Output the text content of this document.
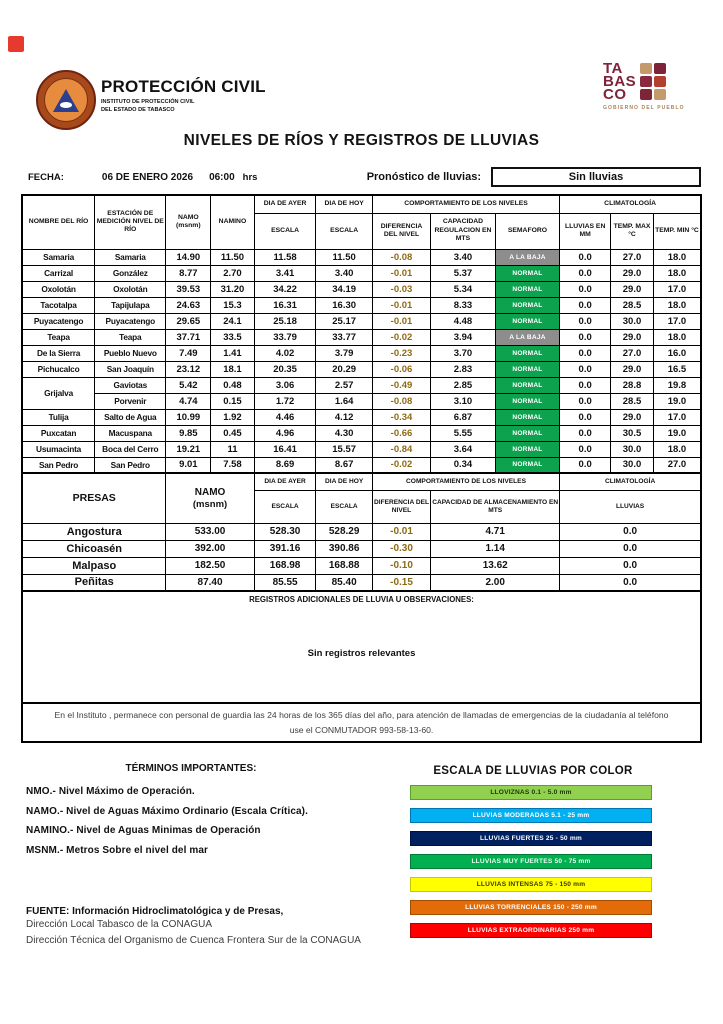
PROTECCIÓN CIVIL
INSTITUTO DE PROTECCIÓN CIVIL
DEL ESTADO DE TABASCO
TA
BAS
CO
GOBIERNO DEL PUEBLO
NIVELES DE RÍOS Y REGISTROS DE LLUVIAS
FECHA:	06 DE ENERO 2026 06:00 hrs	Pronóstico de lluvias:	Sin lluvias
NOMBRE DEL RÍO	ESTACIÓN DE MEDICIÓN NIVEL DE RÍO	NAMO
(msnm)	NAMINO	DIA DE AYER	DIA DE HOY	COMPORTAMIENTO DE LOS NIVELES			CLIMATOLOGÍA		
				ESCALA	ESCALA	DIFERENCIA DEL NIVEL	CAPACIDAD REGULACION EN MTS	SEMAFORO	LLUVIAS EN MM	TEMP. MAX °C	TEMP. MIN °C
Samaria	Samaria	14.90	11.50	11.58	11.50	-0.08	3.40	A LA BAJA	0.0	27.0	18.0
Carrizal	González	8.77	2.70	3.41	3.40	-0.01	5.37	NORMAL	0.0	29.0	18.0
Oxolotán	Oxolotán	39.53	31.20	34.22	34.19	-0.03	5.34	NORMAL	0.0	29.0	17.0
Tacotalpa	Tapijulapa	24.63	15.3	16.31	16.30	-0.01	8.33	NORMAL	0.0	28.5	18.0
Puyacatengo	Puyacatengo	29.65	24.1	25.18	25.17	-0.01	4.48	NORMAL	0.0	30.0	17.0
Teapa	Teapa	37.71	33.5	33.79	33.77	-0.02	3.94	A LA BAJA	0.0	29.0	18.0
De la Sierra	Pueblo Nuevo	7.49	1.41	4.02	3.79	-0.23	3.70	NORMAL	0.0	27.0	16.0
Pichucalco	San Joaquín	23.12	18.1	20.35	20.29	-0.06	2.83	NORMAL	0.0	29.0	16.5
Grijalva	Gaviotas	5.42	0.48	3.06	2.57	-0.49	2.85	NORMAL	0.0	28.8	19.8
	Porvenir	4.74	0.15	1.72	1.64	-0.08	3.10	NORMAL	0.0	28.5	19.0
Tulija	Salto de Agua	10.99	1.92	4.46	4.12	-0.34	6.87	NORMAL	0.0	29.0	17.0
Puxcatan	Macuspana	9.85	0.45	4.96	4.30	-0.66	5.55	NORMAL	0.0	30.5	19.0
Usumacinta	Boca del Cerro	19.21	11	16.41	15.57	-0.84	3.64	NORMAL	0.0	30.0	18.0
San Pedro	San Pedro	9.01	7.58	8.69	8.67	-0.02	0.34	NORMAL	0.0	30.0	27.0
PRESAS	NAMO
(msnm)	DIA DE AYER	DIA DE HOY	COMPORTAMIENTO DE LOS NIVELES		CLIMATOLOGÍA
		ESCALA	ESCALA	DIFERENCIA DEL NIVEL	CAPACIDAD DE ALMACENAMIENTO EN MTS	LLUVIAS
Angostura	533.00	528.30	528.29	-0.01	4.71	0.0
Chicoasén	392.00	391.16	390.86	-0.30	1.14	0.0
Malpaso	182.50	168.98	168.88	-0.10	13.62	0.0
Peñitas	87.40	85.55	85.40	-0.15	2.00	0.0
REGISTROS ADICIONALES DE LLUVIA U OBSERVACIONES:
Sin registros relevantes

En el Instituto , permanece con personal de guardia las 24 horas de los 365 días del año, para atención de llamadas de emergencias de la ciudadanía al teléfono use el CONMUTADOR 993-58-13-60.

TÉRMINOS IMPORTANTES:
NMO.- Nivel Máximo de Operación.
NAMO.- Nivel de Aguas Máximo Ordinario (Escala Crítica).
NAMINO.- Nivel de Aguas Minimas de Operación
MSNM.- Metros Sobre el nivel del mar
FUENTE: Información Hidroclimatológica y de Presas,
Dirección Local Tabasco de la CONAGUA
Dirección Técnica del Organismo de Cuenca Frontera Sur de la CONAGUA
ESCALA DE LLUVIAS POR COLOR
LLOVIZNAS 0.1 - 5.0 mm
LLUVIAS MODERADAS 5.1 - 25 mm
LLUVIAS FUERTES 25 - 50 mm
LLUVIAS MUY FUERTES 50 - 75 mm
LLUVIAS INTENSAS 75 - 150 mm
LLUVIAS TORRENCIALES 150 - 250 mm
LLUVIAS EXTRAORDINARIAS 250 mm
